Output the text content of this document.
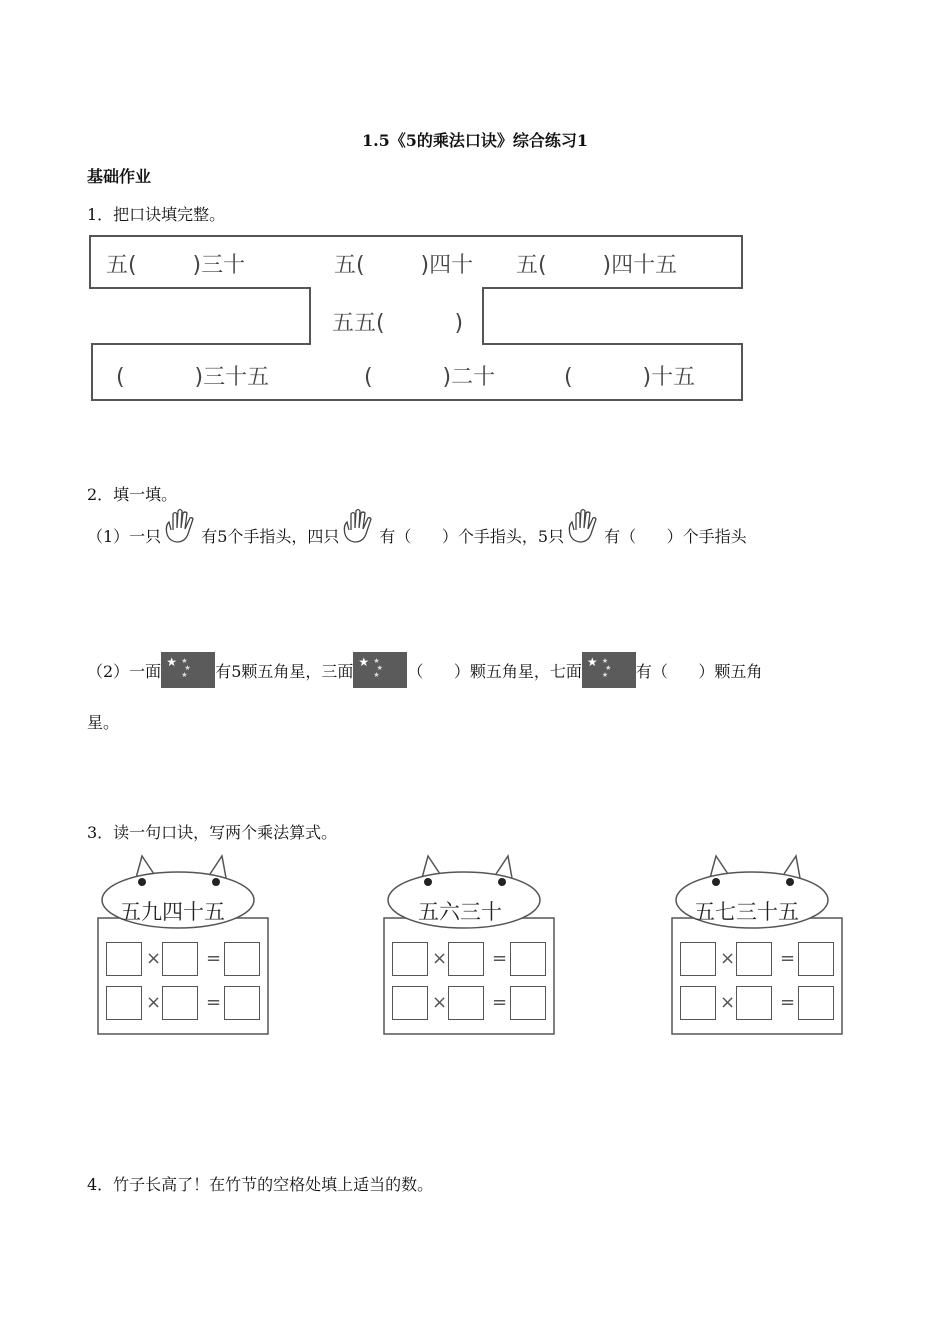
1.5《5的乘法口诀》综合练习1
基础作业
1．把口诀填完整。
五(        )三十	五(        )四十 五(        )四十五
五五(          )
(          )三十五	(          )二十	(          )十五
2．填一填。
（1）一只	有5个手指头，四只	有（      ）个手指头，5只	有（      ）个手指头
（2）一面 ★ ★
★
★ 有5颗五角星，三面 ★ ★
★
★ （      ）颗五角星，七面 ★ ★
★
★ 有（      ）颗五角
星。
3．读一句口诀，写两个乘法算式。
五九四十五
× =
× =
五六三十
× =
× =
五七三十五
× =
× =
4．竹子长高了！在竹节的空格处填上适当的数。
